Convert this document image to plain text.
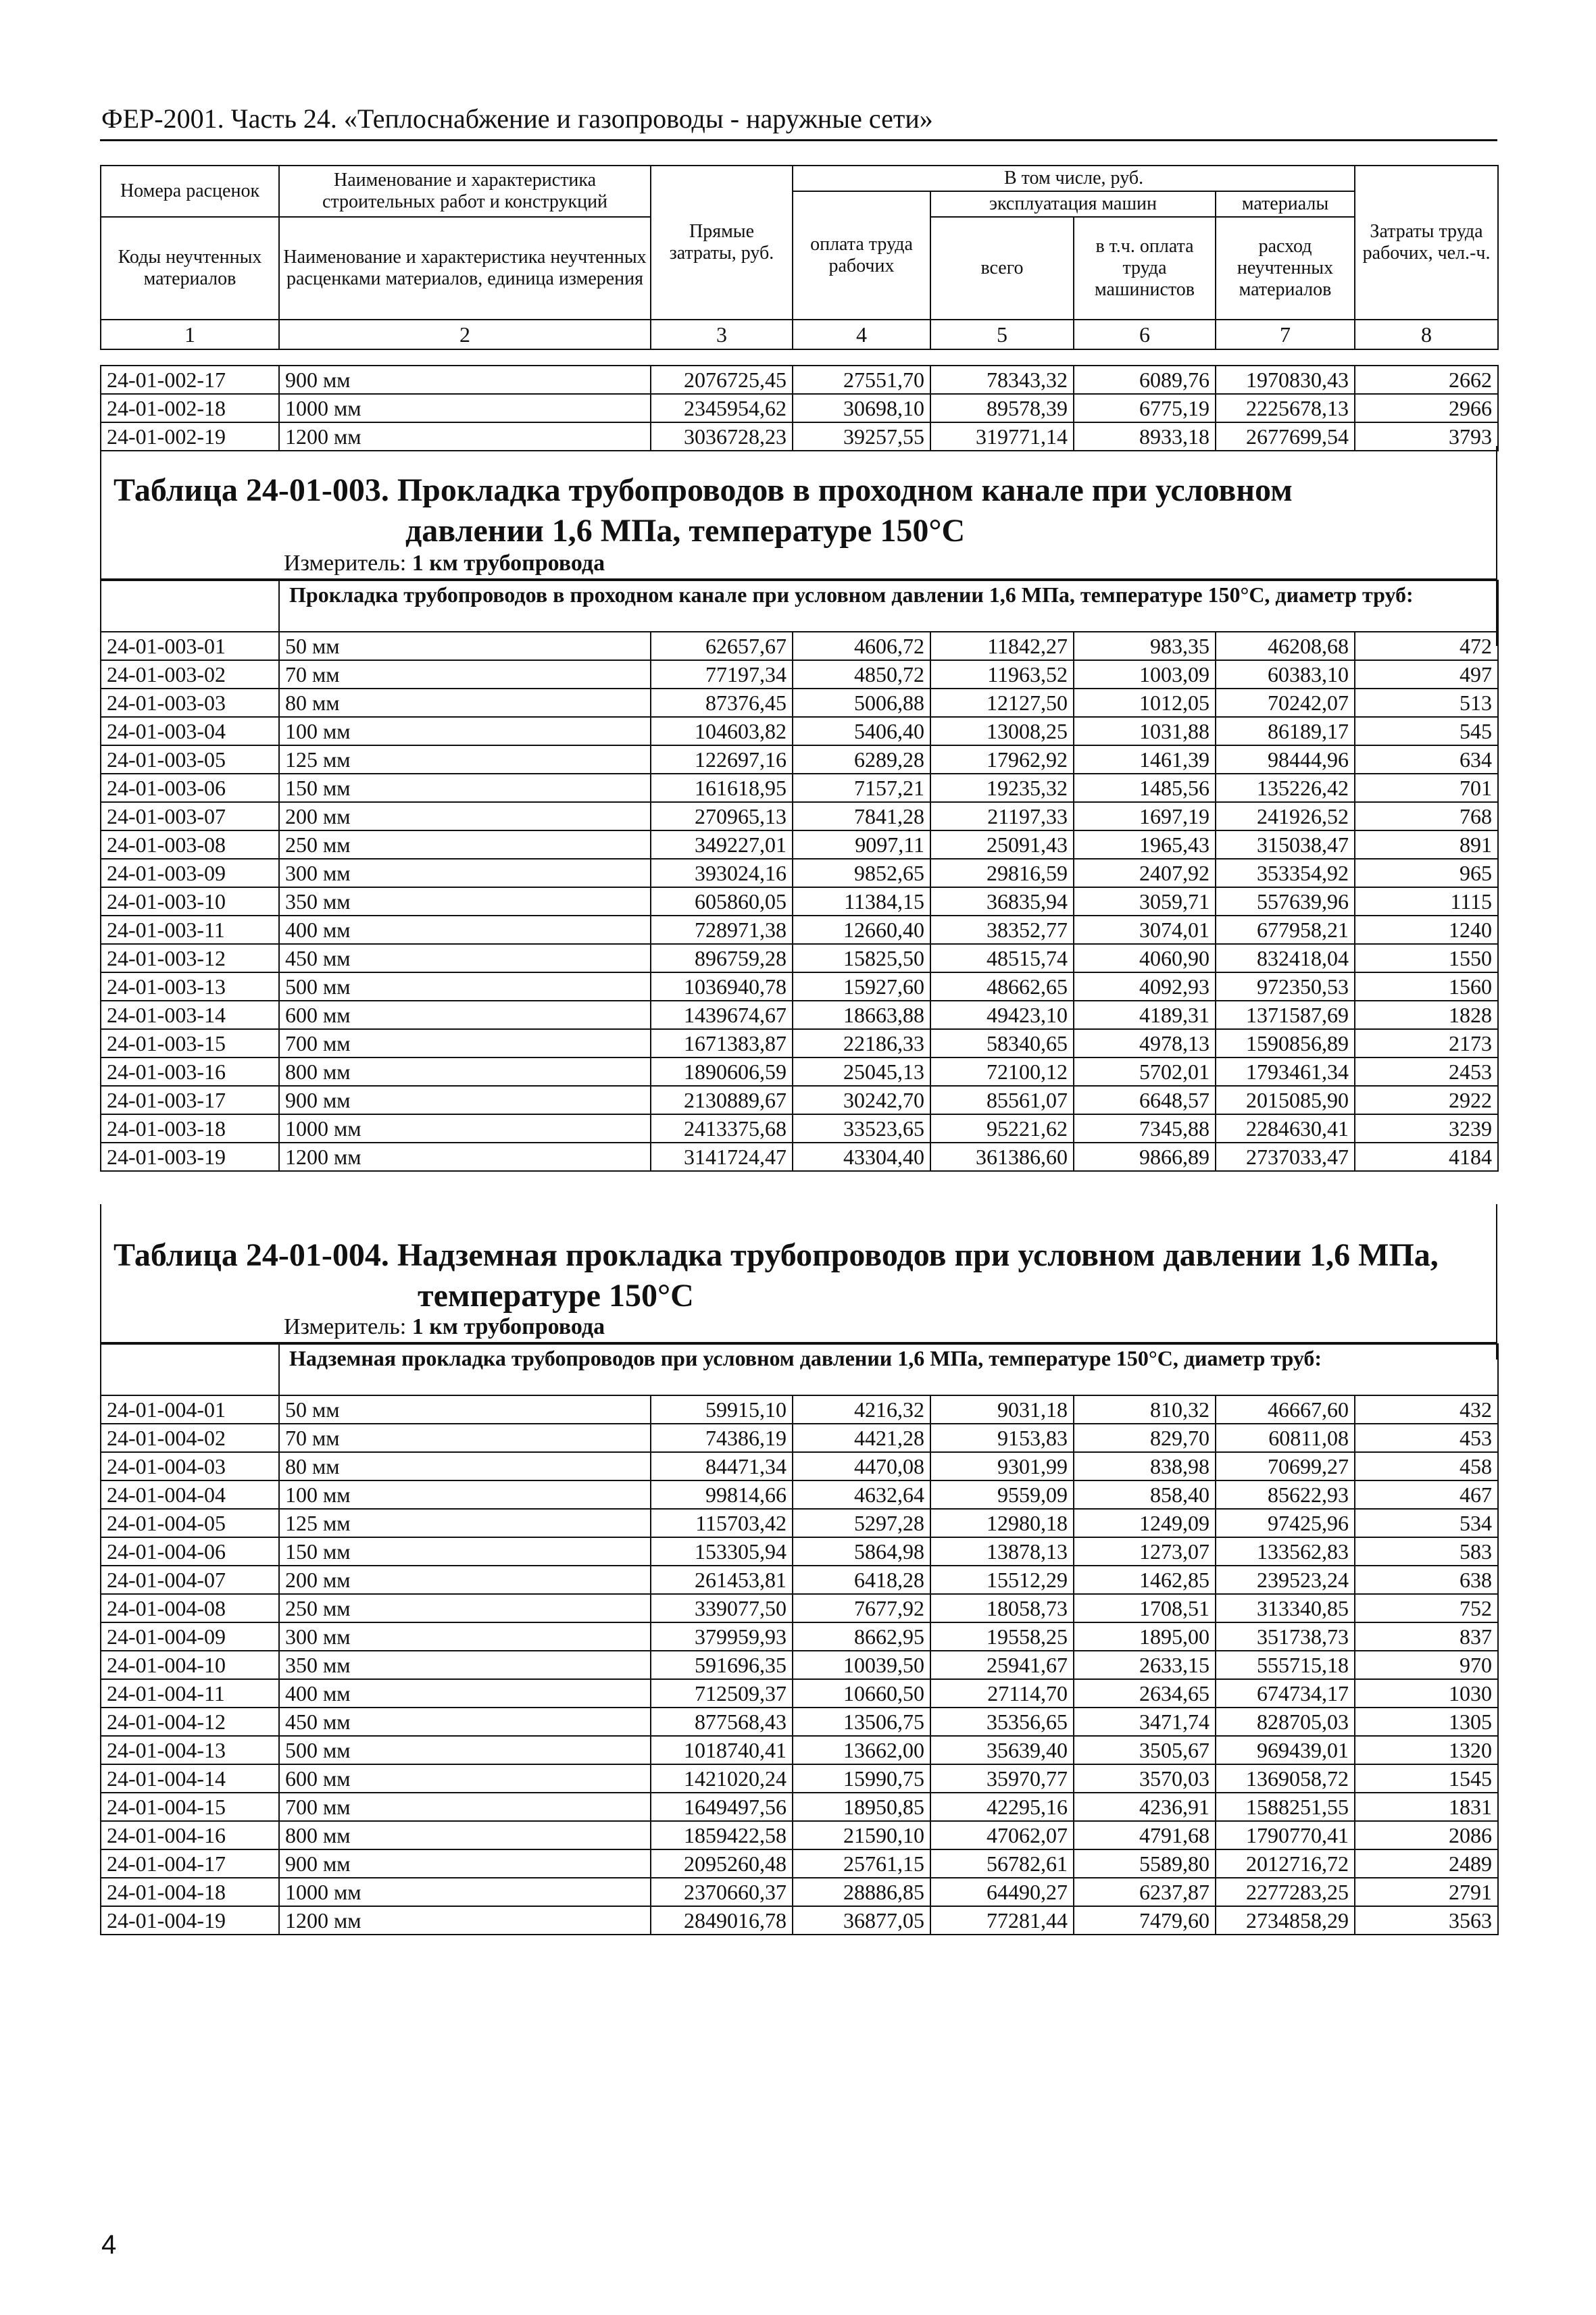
ФЕР-2001. Часть 24. «Теплоснабжение и газопроводы - наружные сети»
Номера расценок	Наименование и характеристика строительных работ и конструкций	Прямые затраты, руб.	В том числе, руб.				Затраты труда рабочих, чел.-ч.
			оплата труда рабочих	эксплуатация машин		материалы	
Коды неучтенных материалов	Наименование и характеристика неучтенных расценками материалов, единица измерения			всего	в т.ч. оплата труда машинистов	расход неучтенных материалов	

1	2	3	4	5	6	7	8
24-01-002-17	900 мм	2076725,45	27551,70	78343,32	6089,76	1970830,43	2662
24-01-002-18	1000 мм	2345954,62	30698,10	89578,39	6775,19	2225678,13	2966
24-01-002-19	1200 мм	3036728,23	39257,55	319771,14	8933,18	2677699,54	3793
Таблица 24-01-003. Прокладка трубопроводов в проходном канале при условном
давлении 1,6 МПа, температуре 150°С
Измеритель: 1 км трубопровода
	Прокладка трубопроводов в проходном канале при условном давлении 1,6 МПа, температуре 150°С, диаметр труб:						
24-01-003-01	50 мм	62657,67	4606,72	11842,27	983,35	46208,68	472
24-01-003-02	70 мм	77197,34	4850,72	11963,52	1003,09	60383,10	497
24-01-003-03	80 мм	87376,45	5006,88	12127,50	1012,05	70242,07	513
24-01-003-04	100 мм	104603,82	5406,40	13008,25	1031,88	86189,17	545
24-01-003-05	125 мм	122697,16	6289,28	17962,92	1461,39	98444,96	634
24-01-003-06	150 мм	161618,95	7157,21	19235,32	1485,56	135226,42	701
24-01-003-07	200 мм	270965,13	7841,28	21197,33	1697,19	241926,52	768
24-01-003-08	250 мм	349227,01	9097,11	25091,43	1965,43	315038,47	891
24-01-003-09	300 мм	393024,16	9852,65	29816,59	2407,92	353354,92	965
24-01-003-10	350 мм	605860,05	11384,15	36835,94	3059,71	557639,96	1115
24-01-003-11	400 мм	728971,38	12660,40	38352,77	3074,01	677958,21	1240
24-01-003-12	450 мм	896759,28	15825,50	48515,74	4060,90	832418,04	1550
24-01-003-13	500 мм	1036940,78	15927,60	48662,65	4092,93	972350,53	1560
24-01-003-14	600 мм	1439674,67	18663,88	49423,10	4189,31	1371587,69	1828
24-01-003-15	700 мм	1671383,87	22186,33	58340,65	4978,13	1590856,89	2173
24-01-003-16	800 мм	1890606,59	25045,13	72100,12	5702,01	1793461,34	2453
24-01-003-17	900 мм	2130889,67	30242,70	85561,07	6648,57	2015085,90	2922
24-01-003-18	1000 мм	2413375,68	33523,65	95221,62	7345,88	2284630,41	3239
24-01-003-19	1200 мм	3141724,47	43304,40	361386,60	9866,89	2737033,47	4184
Таблица 24-01-004. Надземная прокладка трубопроводов при условном давлении 1,6 МПа,
температуре 150°С
Измеритель: 1 км трубопровода
	Надземная прокладка трубопроводов при условном давлении 1,6 МПа, температуре 150°С, диаметр труб:						
24-01-004-01	50 мм	59915,10	4216,32	9031,18	810,32	46667,60	432
24-01-004-02	70 мм	74386,19	4421,28	9153,83	829,70	60811,08	453
24-01-004-03	80 мм	84471,34	4470,08	9301,99	838,98	70699,27	458
24-01-004-04	100 мм	99814,66	4632,64	9559,09	858,40	85622,93	467
24-01-004-05	125 мм	115703,42	5297,28	12980,18	1249,09	97425,96	534
24-01-004-06	150 мм	153305,94	5864,98	13878,13	1273,07	133562,83	583
24-01-004-07	200 мм	261453,81	6418,28	15512,29	1462,85	239523,24	638
24-01-004-08	250 мм	339077,50	7677,92	18058,73	1708,51	313340,85	752
24-01-004-09	300 мм	379959,93	8662,95	19558,25	1895,00	351738,73	837
24-01-004-10	350 мм	591696,35	10039,50	25941,67	2633,15	555715,18	970
24-01-004-11	400 мм	712509,37	10660,50	27114,70	2634,65	674734,17	1030
24-01-004-12	450 мм	877568,43	13506,75	35356,65	3471,74	828705,03	1305
24-01-004-13	500 мм	1018740,41	13662,00	35639,40	3505,67	969439,01	1320
24-01-004-14	600 мм	1421020,24	15990,75	35970,77	3570,03	1369058,72	1545
24-01-004-15	700 мм	1649497,56	18950,85	42295,16	4236,91	1588251,55	1831
24-01-004-16	800 мм	1859422,58	21590,10	47062,07	4791,68	1790770,41	2086
24-01-004-17	900 мм	2095260,48	25761,15	56782,61	5589,80	2012716,72	2489
24-01-004-18	1000 мм	2370660,37	28886,85	64490,27	6237,87	2277283,25	2791
24-01-004-19	1200 мм	2849016,78	36877,05	77281,44	7479,60	2734858,29	3563
4
